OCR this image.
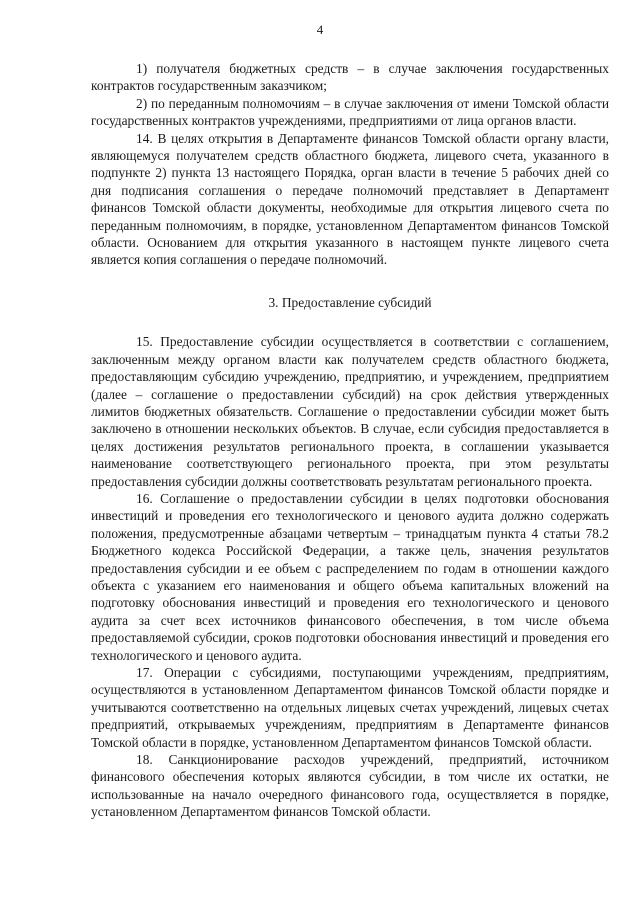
4

1) получателя бюджетных средств – в случае заключения государственных контрактов государственным заказчиком;

2) по переданным полномочиям – в случае заключения от имени Томской области государственных контрактов учреждениями, предприятиями от лица органов власти.

14. В целях открытия в Департаменте финансов Томской области органу власти, являющемуся получателем средств областного бюджета, лицевого счета, указанного в подпункте 2) пункта 13 настоящего Порядка, орган власти в течение 5 рабочих дней со дня подписания соглашения о передаче полномочий представляет в Департамент финансов Томской области документы, необходимые для открытия лицевого счета по переданным полномочиям, в порядке, установленном Департаментом финансов Томской области. Основанием для открытия указанного в настоящем пункте лицевого счета является копия соглашения о передаче полномочий.

3. Предоставление субсидий

15. Предоставление субсидии осуществляется в соответствии с соглашением, заключенным между органом власти как получателем средств областного бюджета, предоставляющим субсидию учреждению, предприятию, и учреждением, предприятием (далее – соглашение о предоставлении субсидий) на срок действия утвержденных лимитов бюджетных обязательств. Соглашение о предоставлении субсидии может быть заключено в отношении нескольких объектов. В случае, если субсидия предоставляется в целях достижения результатов регионального проекта, в соглашении указывается наименование соответствующего регионального проекта, при этом результаты предоставления субсидии должны соответствовать результатам регионального проекта.

16. Соглашение о предоставлении субсидии в целях подготовки обоснования инвестиций и проведения его технологического и ценового аудита должно содержать положения, предусмотренные абзацами четвертым – тринадцатым пункта 4 статьи 78.2 Бюджетного кодекса Российской Федерации, а также цель, значения результатов предоставления субсидии и ее объем с распределением по годам в отношении каждого объекта с указанием его наименования и общего объема капитальных вложений на подготовку обоснования инвестиций и проведения его технологического и ценового аудита за счет всех источников финансового обеспечения, в том числе объема предоставляемой субсидии, сроков подготовки обоснования инвестиций и проведения его технологического и ценового аудита.

17. Операции с субсидиями, поступающими учреждениям, предприятиям, осуществляются в установленном Департаментом финансов Томской области порядке и учитываются соответственно на отдельных лицевых счетах учреждений, лицевых счетах предприятий, открываемых учреждениям, предприятиям в Департаменте финансов Томской области в порядке, установленном Департаментом финансов Томской области.

18. Санкционирование расходов учреждений, предприятий, источником финансового обеспечения которых являются субсидии, в том числе их остатки, не использованные на начало очередного финансового года, осуществляется в порядке, установленном Департаментом финансов Томской области.
